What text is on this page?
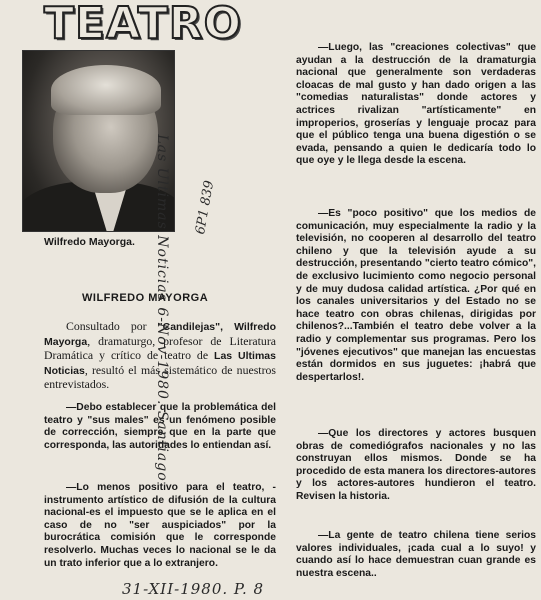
TEATRO
Wilfredo Mayorga.
6P1 839
WILFREDO MAYORGA

Consultado por "Candilejas", Wilfredo Mayorga, dramaturgo, profesor de Literatura Dramática y crítico de teatro de Las Ultimas Noticias, resultó el más sistemático de nuestros entrevistados.

—Debo establecer que la problemática del teatro y "sus males" es un fenómeno posible de corrección, siempre que en la parte que corresponda, las autoridades lo entiendan así.

—Lo menos positivo para el teatro, -instrumento artístico de difusión de la cultura nacional-es el impuesto que se le aplica en el caso de no "ser auspiciados" por la burocrática comisión que le corresponde resolverlo. Muchas veces lo nacional se le da un trato inferior que a lo extranjero.

—Luego, las "creaciones colectivas" que ayudan a la destrucción de la dramaturgia nacional que generalmente son verdaderas cloacas de mal gusto y han dado origen a las "comedias naturalistas" donde actores y actrices rivalizan "artísticamente" en improperios, groserías y lenguaje procaz para que el público tenga una buena digestión o se evada, pensando a quien le dedicaría todo lo que oye y le llega desde la escena.

—Es "poco positivo" que los medios de comunicación, muy especialmente la radio y la televisión, no cooperen al desarrollo del teatro chileno y que la televisión ayude a su destrucción, presentando "cierto teatro cómico", de exclusivo lucimiento como negocio personal y de muy dudosa calidad artística. ¿Por qué en los canales universitarios y del Estado no se hace teatro con obras chilenas, dirigidas por chilenos?...También el teatro debe volver a la radio y complementar sus programas. Pero los "jóvenes ejecutivos" que manejan las encuestas están dormidos en sus juguetes: ¡habrá que despertarlos!.

—Que los directores y actores busquen obras de comediógrafos nacionales y no las construyan ellos mismos. Donde se ha procedido de esta manera los directores-autores y los actores-autores hundieron el teatro. Revisen la historia.

—La gente de teatro chilena tiene serios valores individuales, ¡cada cual a lo suyo! y cuando así lo hace demuestran cuan grande es nuestra escena..

Las Ultimas Noticias 6-Nov-1980. Santiago
31-XII-1980. P. 8
